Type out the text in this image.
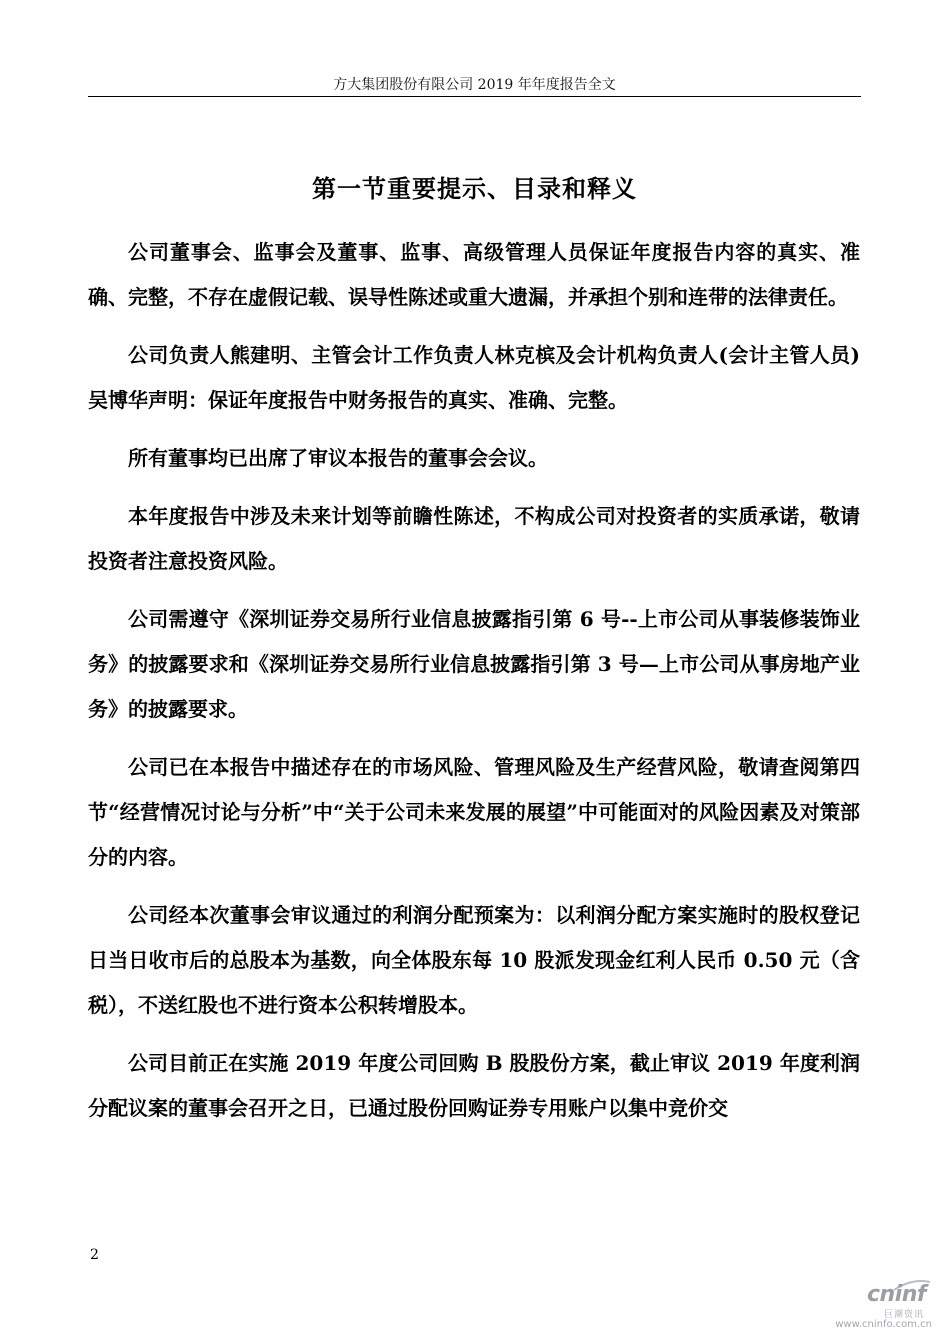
方大集团股份有限公司 2019 年年度报告全文
第一节重要提示、目录和释义

公司董事会、监事会及董事、监事、高级管理人员保证年度报告内容的真实、准确、完整，不存在虚假记载、误导性陈述或重大遗漏，并承担个别和连带的法律责任。

公司负责人熊建明、主管会计工作负责人林克槟及会计机构负责人(会计主管人员)吴博华声明：保证年度报告中财务报告的真实、准确、完整。

所有董事均已出席了审议本报告的董事会会议。

本年度报告中涉及未来计划等前瞻性陈述，不构成公司对投资者的实质承诺，敬请投资者注意投资风险。

公司需遵守《深圳证券交易所行业信息披露指引第 6 号--上市公司从事装修装饰业务》的披露要求和《深圳证券交易所行业信息披露指引第 3 号—上市公司从事房地产业务》的披露要求。

公司已在本报告中描述存在的市场风险、管理风险及生产经营风险，敬请查阅第四节“经营情况讨论与分析”中“关于公司未来发展的展望”中可能面对的风险因素及对策部分的内容。

公司经本次董事会审议通过的利润分配预案为：以利润分配方案实施时的股权登记日当日收市后的总股本为基数，向全体股东每 10 股派发现金红利人民币 0.50 元（含税），不送红股也不进行资本公积转增股本。

公司目前正在实施 2019 年度公司回购 B 股股份方案，截止审议 2019 年度利润分配议案的董事会召开之日，已通过股份回购证券专用账户以集中竞价交

2
cninf
巨潮资讯
www.cninfo.com.cn
